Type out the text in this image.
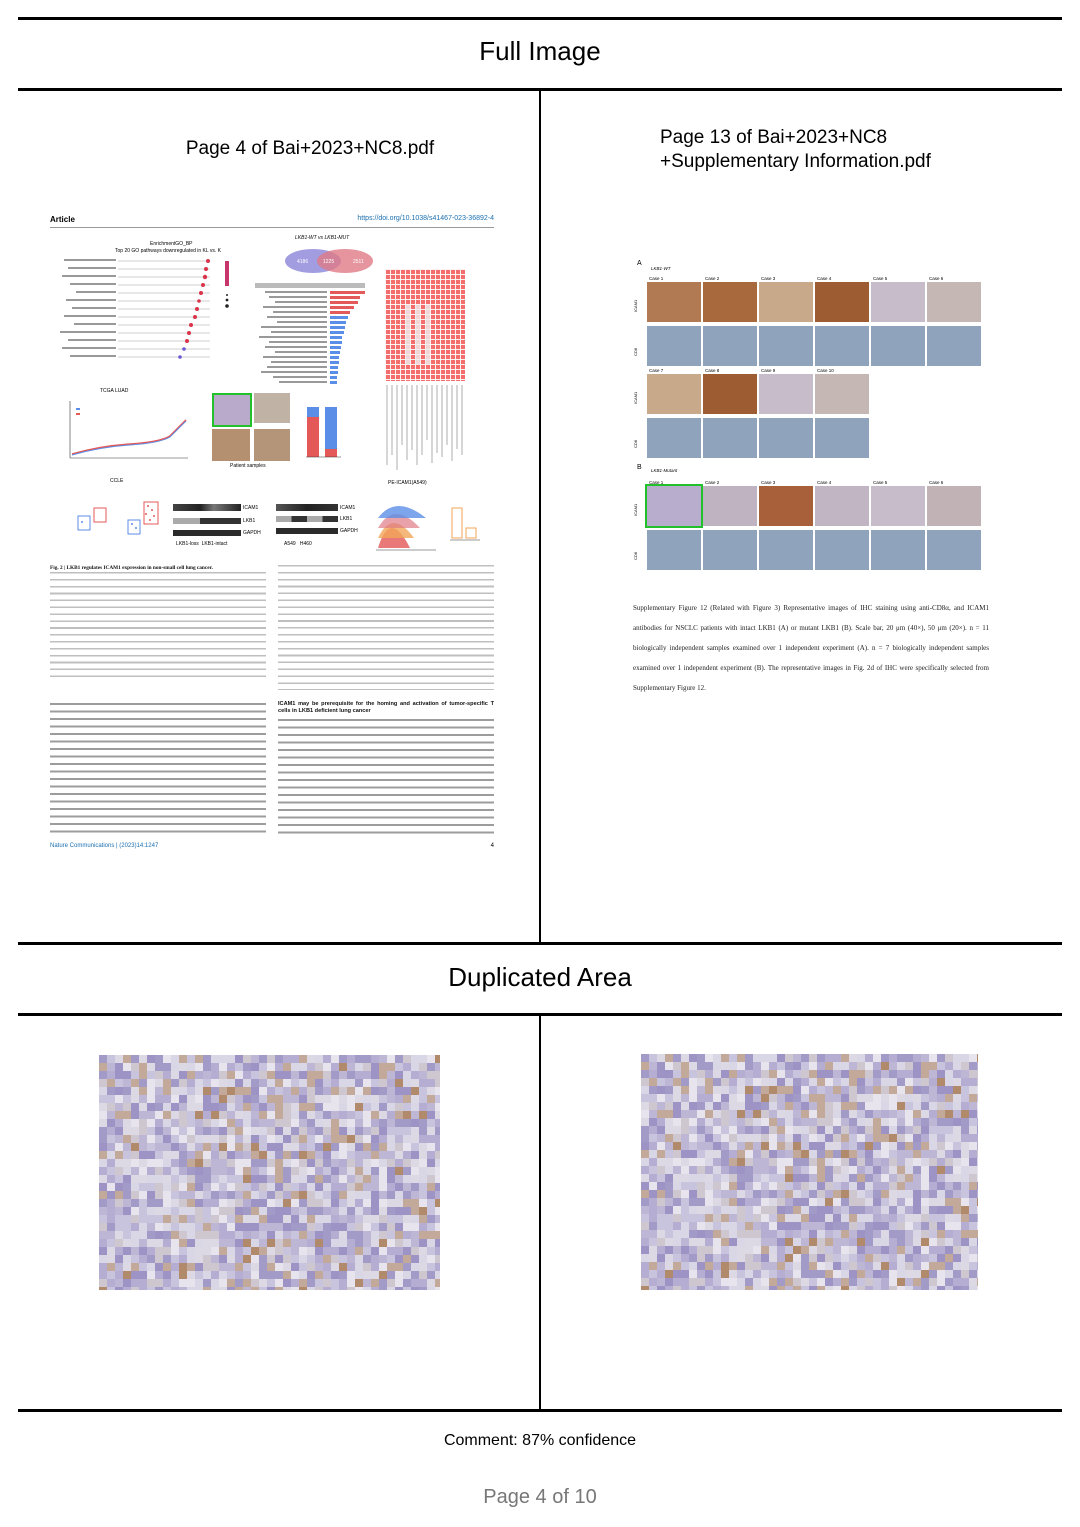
Full Image
Duplicated Area
Page 4 of Bai+2023+NC8.pdf
Page 13 of Bai+2023+NC8 +Supplementary Information.pdf
Article	https://doi.org/10.1038/s41467-023-36892-4
EnrichmentGO_BP
Top 20 GO pathways downregulated in KL vs. K
LKB1-WT vs LKB1-MUT
4186	1225	2511
TCGA LUAD
Patient samples
CCLE
ICAM1
LKB1
GAPDH
LKB1-loss  LKB1-intact
ICAM1
LKB1
GAPDH
A549   H460
PE-ICAM1(A549)
Fig. 2 | LKB1 regulates ICAM1 expression in non-small cell lung cancer.
ICAM1 may be prerequisite for the homing and activation of tumor-specific T cells in LKB1 deficient lung cancer
Nature Communications | (2023)14:1247	4
A
LKB1-WT
B LKB1-Mutant
Case 1	Case 2	Case 3	Case 4	Case 5	Case 6
ICAM1
CD8
Case 7	Case 8	Case 9	Case 10
ICAM1
CD8
Case 1	Case 2	Case 3	Case 4	Case 5	Case 6
ICAM1
CD8
Supplementary Figure 12 (Related with Figure 3) Representative images of IHC staining using anti-CD8α, and ICAM1 antibodies for NSCLC patients with intact LKB1 (A) or mutant LKB1 (B). Scale bar, 20 μm (40×), 50 μm (20×). n = 11 biologically independent samples examined over 1 independent experiment (A). n = 7 biologically independent samples examined over 1 independent experiment (B). The representative images in Fig. 2d of IHC were specifically selected from Supplementary Figure 12.
Comment: 87% confidence
Page 4 of 10
